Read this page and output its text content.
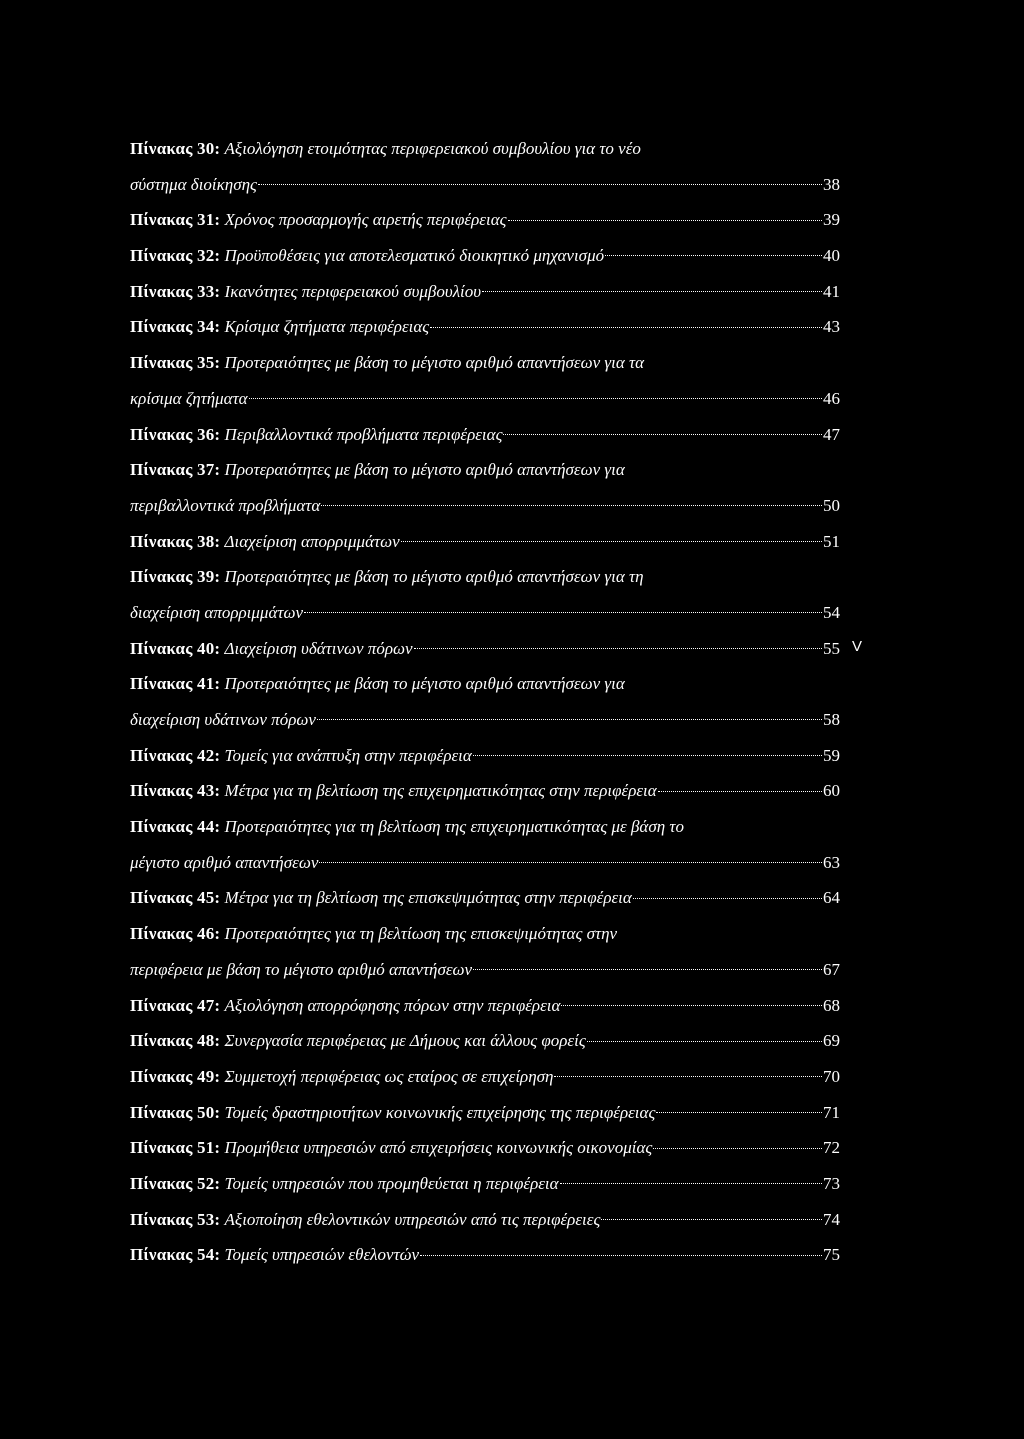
Πίνακας 30:
Αξιολόγηση ετοιμότητας περιφερειακού συμβουλίου για το νέο
σύστημα διοίκησης	38
Πίνακας 31:
Χρόνος προσαρμογής αιρετής περιφέρειας	39
Πίνακας 32:
Προϋποθέσεις για αποτελεσματικό διοικητικό μηχανισμό	40
Πίνακας 33:
Ικανότητες περιφερειακού συμβουλίου	41
Πίνακας 34:
Κρίσιμα ζητήματα περιφέρειας	43
Πίνακας 35:
Προτεραιότητες με βάση το μέγιστο αριθμό απαντήσεων για τα
κρίσιμα ζητήματα	46
Πίνακας 36:
Περιβαλλοντικά προβλήματα περιφέρειας	47
Πίνακας 37:
Προτεραιότητες με βάση το μέγιστο αριθμό απαντήσεων για
περιβαλλοντικά προβλήματα	50
Πίνακας 38:
Διαχείριση απορριμμάτων	51
Πίνακας 39:
Προτεραιότητες με βάση το μέγιστο αριθμό απαντήσεων για τη
διαχείριση απορριμμάτων	54
Πίνακας 40:
Διαχείριση υδάτινων πόρων	55
Πίνακας 41:
Προτεραιότητες με βάση το μέγιστο αριθμό απαντήσεων για
διαχείριση υδάτινων πόρων	58
Πίνακας 42:
Τομείς για ανάπτυξη στην περιφέρεια	59
Πίνακας 43:
Μέτρα για τη βελτίωση της επιχειρηματικότητας στην περιφέρεια	60
Πίνακας 44:
Προτεραιότητες για τη βελτίωση της επιχειρηματικότητας με βάση το
μέγιστο αριθμό απαντήσεων	63
Πίνακας 45:
Μέτρα για τη βελτίωση της επισκεψιμότητας στην περιφέρεια	64
Πίνακας 46:
Προτεραιότητες για τη βελτίωση της επισκεψιμότητας στην
περιφέρεια με βάση το μέγιστο αριθμό απαντήσεων	67
Πίνακας 47:
Αξιολόγηση απορρόφησης πόρων στην περιφέρεια	68
Πίνακας 48:
Συνεργασία περιφέρειας με Δήμους και άλλους φορείς	69
Πίνακας 49:
Συμμετοχή περιφέρειας ως εταίρος σε επιχείρηση	70
Πίνακας 50:
Τομείς δραστηριοτήτων κοινωνικής επιχείρησης της περιφέρειας	71
Πίνακας 51:
Προμήθεια υπηρεσιών από επιχειρήσεις κοινωνικής οικονομίας	72
Πίνακας 52:
Τομείς υπηρεσιών που προμηθεύεται η περιφέρεια	73
Πίνακας 53:
Αξιοποίηση εθελοντικών υπηρεσιών από τις περιφέρειες	74
Πίνακας 54:
Τομείς υπηρεσιών εθελοντών	75
V
